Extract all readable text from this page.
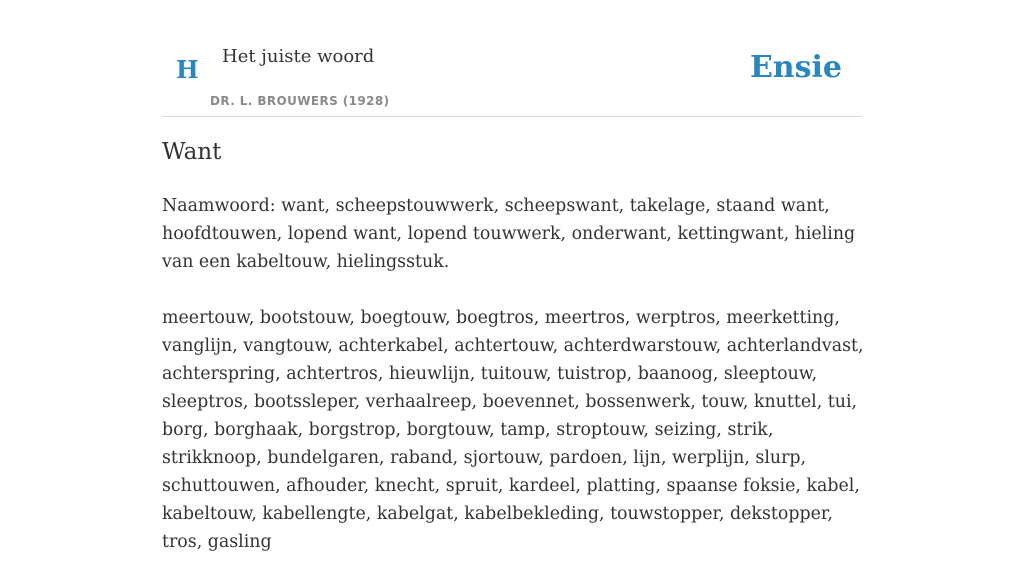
H Het juiste woord
DR. L. BROUWERS (1928)
Ensie
Want

Naamwoord: want, scheepstouwwerk, scheepswant, takelage, staand want, hoofdtouwen, lopend want, lopend touwwerk, onderwant, kettingwant, hieling van een kabeltouw, hielingsstuk.

meertouw, bootstouw, boegtouw, boegtros, meertros, werptros, meerketting, vanglijn, vangtouw, achterkabel, achtertouw, achterdwarstouw, achterlandvast, achterspring, achtertros, hieuwlijn, tuitouw, tuistrop, baanoog, sleeptouw, sleeptros, bootssleper, verhaalreep, boevennet, bossenwerk, touw, knuttel, tui, borg, borghaak, borgstrop, borgtouw, tamp, stroptouw, seizing, strik, strikknoop, bundelgaren, raband, sjortouw, pardoen, lijn, werplijn, slurp, schuttouwen, afhouder, knecht, spruit, kardeel, platting, spaanse foksie, kabel, kabeltouw, kabellengte, kabelgat, kabelbekleding, touwstopper, dekstopper, tros, gasling
